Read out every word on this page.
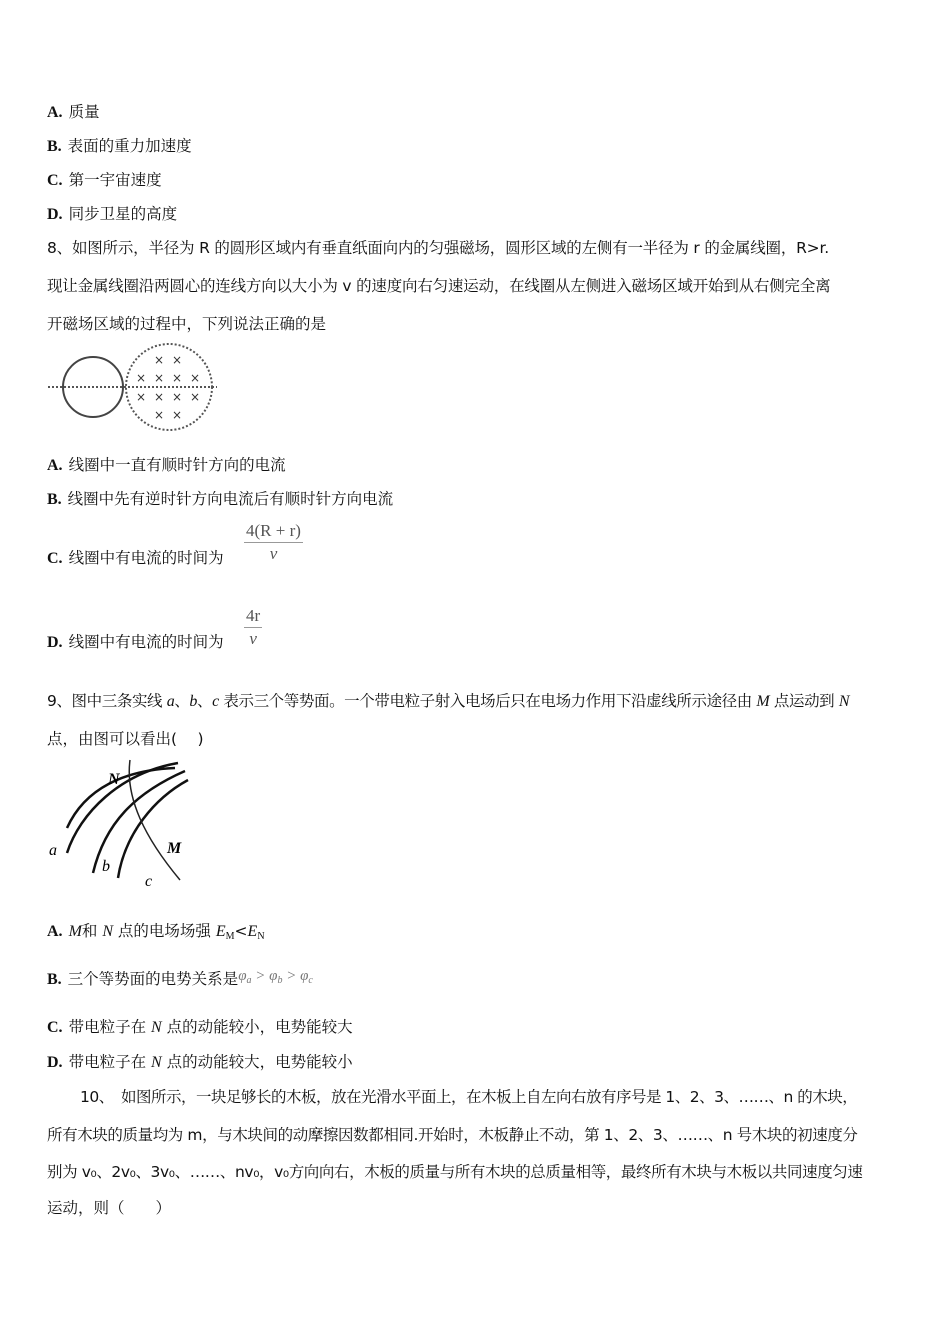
A. 质量
B. 表面的重力加速度
C. 第一宇宙速度
D. 同步卫星的高度
8、如图所示，半径为 R 的圆形区域内有垂直纸面向内的匀强磁场，圆形区域的左侧有一半径为 r 的金属线圈，R>r.
现让金属线圈沿两圆心的连线方向以大小为 v 的速度向右匀速运动，在线圈从左侧进入磁场区域开始到从右侧完全离
开磁场区域的过程中，下列说法正确的是
× ×
× × × ×
× × × ×
× ×
A. 线圈中一直有顺时针方向的电流
B. 线圈中先有逆时针方向电流后有顺时针方向电流
C. 线圈中有电流的时间为 $\frac{4(R + r)}{v}$
D. 线圈中有电流的时间为 $\frac{4r}{v}$
9、图中三条实线 a、b、c 表示三个等势面。一个带电粒子射入电场后只在电场力作用下沿虚线所示途径由 M 点运动到 N
点，由图可以看出(　 )
N
M
a
b
c
A. M和 N 点的电场场强 $E_M<E_N$
B. 三个等势面的电势关系是$\varphi_a > \varphi_b > \varphi_c$
C. 带电粒子在 N 点的动能较小，电势能较大
D. 带电粒子在 N 点的动能较大，电势能较小
10、　如图所示，一块足够长的木板，放在光滑水平面上，在木板上自左向右放有序号是 1、2、3、……、n 的木块，
所有木块的质量均为 m，与木块间的动摩擦因数都相同.开始时，木板静止不动，第 1、2、3、……、n 号木块的初速度分
别为 v₀、2v₀、3v₀、……、nv₀，v₀方向向右，木板的质量与所有木块的总质量相等，最终所有木块与木板以共同速度匀速
运动，则（　　）
